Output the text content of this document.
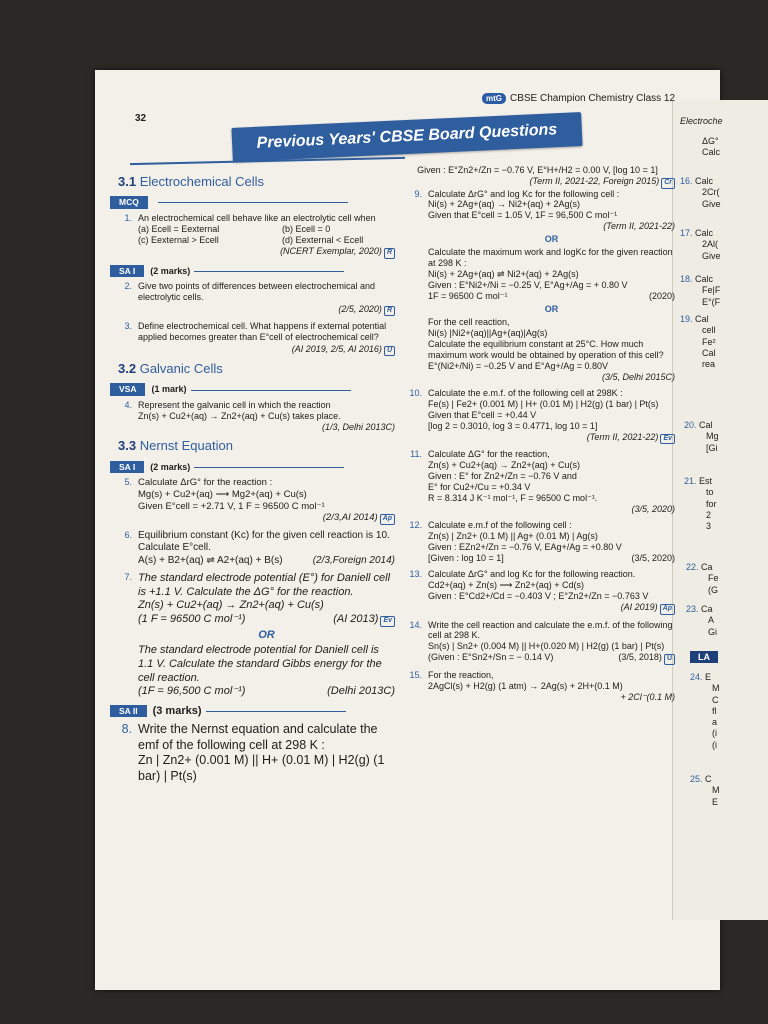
32
mtG CBSE Champion Chemistry Class 12
Electroche
Previous Years' CBSE Board Questions
3.1 Electrochemical Cells
MCQ
1. An electrochemical cell behave like an electrolytic cell when
(a) Ecell = Eexternal	(b) Ecell = 0
(c) Eexternal > Ecell	(d) Eexternal < Ecell
(NCERT Exemplar, 2020) R
SA I (2 marks)
2. Give two points of differences between electrochemical and electrolytic cells.
(2/5, 2020) R
3. Define electrochemical cell. What happens if external potential applied becomes greater than E°cell of electrochemical cell?
(AI 2019, 2/5, AI 2016) U
3.2 Galvanic Cells
VSA (1 mark)
4. Represent the galvanic cell in which the reaction
Zn(s) + Cu2+(aq) → Zn2+(aq) + Cu(s) takes place.
(1/3, Delhi 2013C)
3.3 Nernst Equation
SA I (2 marks)
5. Calculate ΔrG° for the reaction :
Mg(s) + Cu2+(aq) ⟶ Mg2+(aq) + Cu(s)
Given E°cell = +2.71 V, 1 F = 96500 C mol⁻¹
(2/3,AI 2014) Ap
6. Equilibrium constant (Kc) for the given cell reaction is 10. Calculate E°cell.
A(s) + B2+(aq) ⇌ A2+(aq) + B(s)	(2/3,Foreign 2014)
7. The standard electrode potential (E°) for Daniell cell is +1.1 V. Calculate the ΔG° for the reaction.
Zn(s) + Cu2+(aq) → Zn2+(aq) + Cu(s)
(1 F = 96500 C mol⁻¹)	(AI 2013) Ev
OR
The standard electrode potential for Daniell cell is 1.1 V. Calculate the standard Gibbs energy for the cell reaction.
(1F = 96,500 C mol⁻¹)	(Delhi 2013C)
SA II (3 marks)
8. Write the Nernst equation and calculate the emf of the following cell at 298 K :
Zn | Zn2+ (0.001 M) || H+ (0.01 M) | H2(g) (1 bar) | Pt(s)
Given : E°Zn2+/Zn = −0.76 V, E°H+/H2 = 0.00 V, [log 10 = 1]
(Term II, 2021-22, Foreign 2015) Cr
9. Calculate ΔrG° and log Kc for the following cell :
Ni(s) + 2Ag+(aq) → Ni2+(aq) + 2Ag(s)
Given that E°cell = 1.05 V, 1F = 96,500 C mol⁻¹
(Term II, 2021-22)
OR
Calculate the maximum work and logKc for the given reaction at 298 K :
Ni(s) + 2Ag+(aq) ⇌ Ni2+(aq) + 2Ag(s)
Given : E°Ni2+/Ni = −0.25 V, E°Ag+/Ag = + 0.80 V
1F = 96500 C mol⁻¹	(2020)
OR
For the cell reaction,
Ni(s) |Ni2+(aq)||Ag+(aq)|Ag(s)
Calculate the equilibrium constant at 25°C. How much maximum work would be obtained by operation of this cell?
E°(Ni2+/Ni) = −0.25 V and E°Ag+/Ag = 0.80V
(3/5, Delhi 2015C)
10. Calculate the e.m.f. of the following cell at 298K :
Fe(s) | Fe2+ (0.001 M) | H+ (0.01 M) | H2(g) (1 bar) | Pt(s)
Given that E°cell = +0.44 V
[log 2 = 0.3010, log 3 = 0.4771, log 10 = 1]
(Term II, 2021-22) Ev
11. Calculate ΔG° for the reaction,
Zn(s) + Cu2+(aq) → Zn2+(aq) + Cu(s)
Given : E° for Zn2+/Zn = −0.76 V and
E° for Cu2+/Cu = +0.34 V
R = 8.314 J K⁻¹ mol⁻¹, F = 96500 C mol⁻¹.
(3/5, 2020)
12. Calculate e.m.f of the following cell :
Zn(s) | Zn2+ (0.1 M) || Ag+ (0.01 M) | Ag(s)
Given : EZn2+/Zn = −0.76 V, EAg+/Ag = +0.80 V
[Given : log 10 = 1]	(3/5, 2020)
13. Calculate ΔrG° and log Kc for the following reaction.
Cd2+(aq) + Zn(s) ⟶ Zn2+(aq) + Cd(s)
Given : E°Cd2+/Cd = −0.403 V ; E°Zn2+/Zn = −0.763 V
(AI 2019) Ap
14. Write the cell reaction and calculate the e.m.f. of the following cell at 298 K.
Sn(s) | Sn2+ (0.004 M) || H+(0.020 M) | H2(g) (1 bar) | Pt(s)
(Given : E°Sn2+/Sn = − 0.14 V)	(3/5, 2018) U
15. For the reaction,
2AgCl(s) + H2(g) (1 atm) → 2Ag(s) + 2H+(0.1 M)
+ 2Cl⁻(0.1 M)
ΔG°
Calc
16. Calc
2Cr(
Give
17. Calc
2Al(
Give
18. Calc
Fe|F
E°(F
19. Cal
cell
Fe²
Cal
rea
20. Cal
Mg
[Gi
21. Est
to
for
2
3
22. Ca
Fe
(G
23. Ca
A
Gi
LA
24. E
M
C
fl
a
(i
(i
25. C
M
E
